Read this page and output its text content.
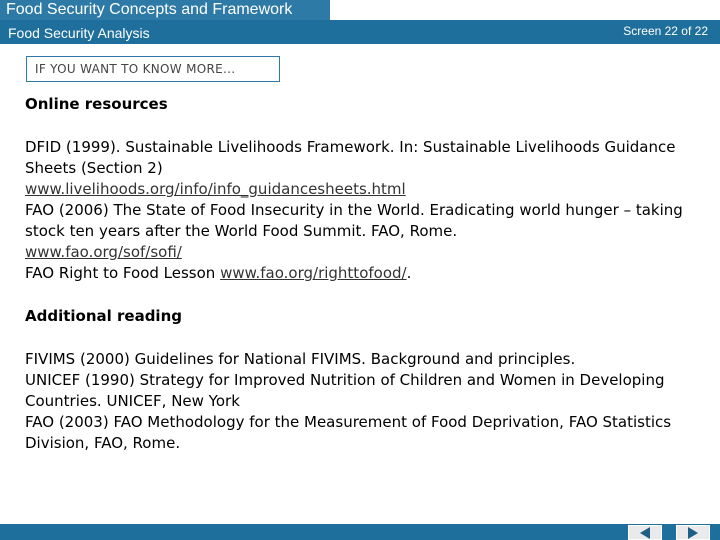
Food Security Concepts and Framework
Food Security Analysis	Screen 22 of 22
IF YOU WANT TO KNOW MORE...

Online resources

DFID (1999). Sustainable Livelihoods Framework. In: Sustainable Livelihoods Guidance Sheets (Section 2)
www.livelihoods.org/info/info_guidancesheets.html

FAO (2006) The State of Food Insecurity in the World. Eradicating world hunger – taking stock ten years after the World Food Summit. FAO, Rome.
www.fao.org/sof/sofi/

FAO Right to Food Lesson www.fao.org/righttofood/.

Additional reading

FIVIMS (2000) Guidelines for National FIVIMS. Background and principles.

UNICEF (1990) Strategy for Improved Nutrition of Children and Women in Developing Countries. UNICEF, New York

FAO (2003) FAO Methodology for the Measurement of Food Deprivation, FAO Statistics Division, FAO, Rome.
